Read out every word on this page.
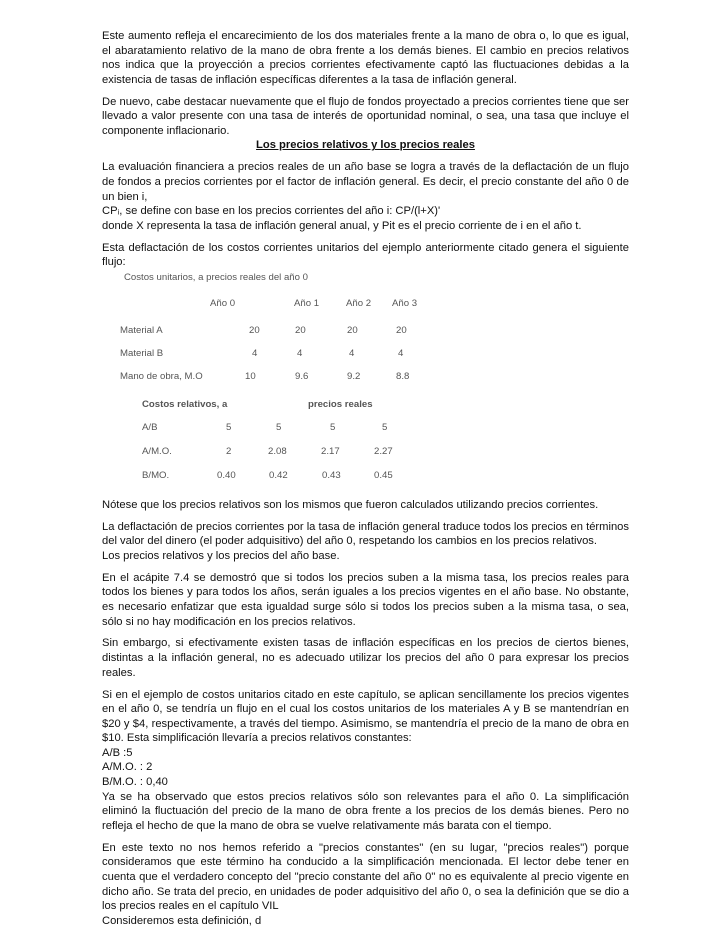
Este aumento refleja el encarecimiento de los dos materiales frente a la mano de obra o, lo que es igual, el abaratamiento relativo de la mano de obra frente a los demás bienes. El cambio en precios relativos nos indica que la proyección a precios corrientes efectivamente captó las fluctuaciones debidas a la existencia de tasas de inflación específicas diferentes a la tasa de inflación general.

De nuevo, cabe destacar nuevamente que el flujo de fondos proyectado a precios corrientes tiene que ser llevado a valor presente con una tasa de interés de oportunidad nominal, o sea, una tasa que incluye el componente inflacionario.

Los precios relativos y los precios reales

La evaluación financiera a precios reales de un año base se logra a través de la deflactación de un flujo de fondos a precios corrientes por el factor de inflación general. Es decir, el precio constante del año 0 de un bien i,

CPᵢ, se define con base en los precios corrientes del año i: CP/(l+X)'

donde X representa la tasa de inflación general anual, y Pit es el precio corriente de i en el año t.

Esta deflactación de los costos corrientes unitarios del ejemplo anteriormente citado genera el siguiente flujo:

Costos unitarios, a precios reales del año 0
Año 0	Año 1	Año 2 Año 3
Material A	20	20	20	20
Material B	4	4	4	4
Mano de obra, M.O	10	9.6	9.2	8.8
Costos relativos, a	precios reales
A/B	5	5	5	5
A/M.O.	2	2.08	2.17	2.27
B/MO.	0.40	0.42	0.43	0.45

Nótese que los precios relativos son los mismos que fueron calculados utilizando precios corrientes.

La deflactación de precios corrientes por la tasa de inflación general traduce todos los precios en términos del valor del dinero (el poder adquisitivo) del año 0, respetando los cambios en los precios relativos.

Los precios relativos y los precios del año base.

En el acápite 7.4 se demostró que si todos los precios suben a la misma tasa, los precios reales para todos los bienes y para todos los años, serán iguales a los precios vigentes en el año base. No obstante, es necesario enfatizar que esta igualdad surge sólo si todos los precios suben a la misma tasa, o sea, sólo si no hay modificación en los precios relativos.

Sin embargo, si efectivamente existen tasas de inflación específicas en los precios de ciertos bienes, distintas a la inflación general, no es adecuado utilizar los precios del año 0 para expresar los precios reales.

Si en el ejemplo de costos unitarios citado en este capítulo, se aplican sencillamente los precios vigentes en el año 0, se tendría un flujo en el cual los costos unitarios de los materiales A y B se mantendrían en $20 y $4, respectivamente, a través del tiempo. Asimismo, se mantendría el precio de la mano de obra en $10. Esta simplificación llevaría a precios relativos constantes:

A/B :5

A/M.O. : 2

B/M.O. : 0,40

Ya se ha observado que estos precios relativos sólo son relevantes para el año 0. La simplificación eliminó la fluctuación del precio de la mano de obra frente a los precios de los demás bienes. Pero no refleja el hecho de que la mano de obra se vuelve relativamente más barata con el tiempo.

En este texto no nos hemos referido a "precios constantes" (en su lugar, "precios reales") porque consideramos que este término ha conducido a la simplificación mencionada. El lector debe tener en cuenta que el verdadero concepto del "precio constante del año 0" no es equivalente al precio vigente en dicho año. Se trata del precio, en unidades de poder adquisitivo del año 0, o sea la definición que se dio a los precios reales en el capítulo VIL

Consideremos esta definición, d
